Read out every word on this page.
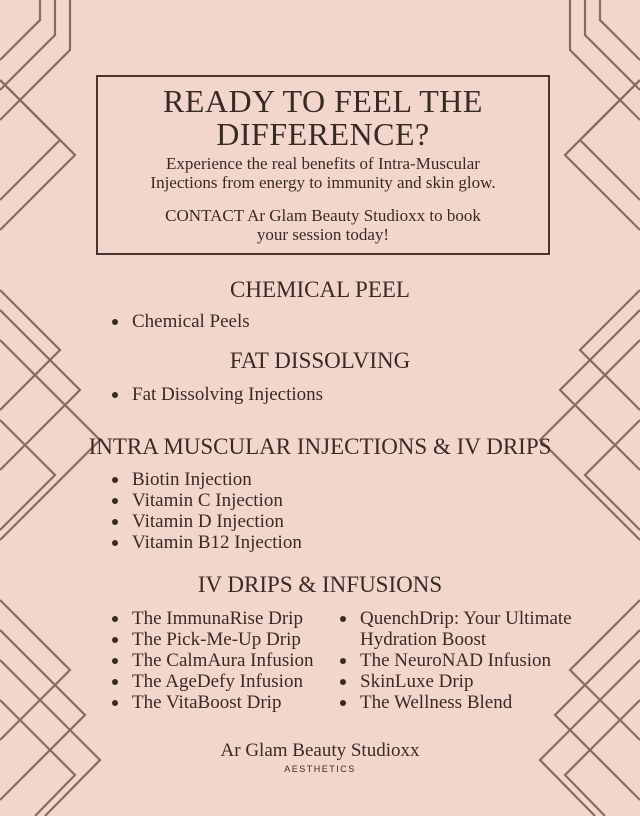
READY TO FEEL THE
DIFFERENCE?
Experience the real benefits of Intra-Muscular
Injections from energy to immunity and skin glow.
CONTACT Ar Glam Beauty Studioxx to book
your session today!
CHEMICAL PEEL
Chemical Peels
FAT DISSOLVING
Fat Dissolving Injections
INTRA MUSCULAR INJECTIONS & IV DRIPS
Biotin Injection
Vitamin C Injection
Vitamin D Injection
Vitamin B12 Injection
IV DRIPS & INFUSIONS
The ImmunaRise Drip
The Pick-Me-Up Drip
The CalmAura Infusion
The AgeDefy Infusion
The VitaBoost Drip
QuenchDrip: Your Ultimate Hydration Boost
The NeuroNAD Infusion
SkinLuxe Drip
The Wellness Blend
Ar Glam Beauty Studioxx
AESTHETICS
